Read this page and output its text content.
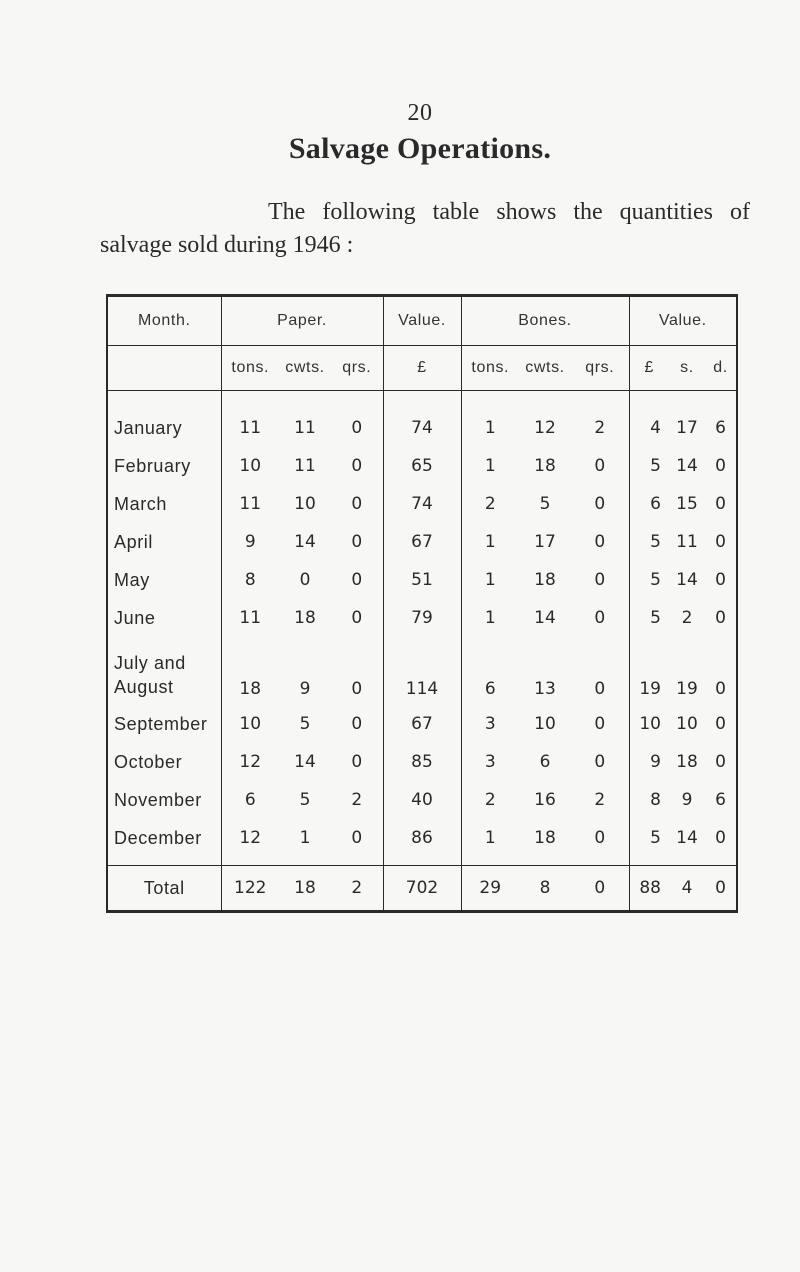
20
Salvage Operations.

The following table shows the quantities of salvage sold during 1946 :

Month.	Paper.			Value.	Bones.			Value.		
	tons.	cwts.	qrs.	£	tons.	cwts.	qrs.	£	s.	d.
January	11	11	0	74	1	12	2	4	17	6
February	10	11	0	65	1	18	0	5	14	0
March	11	10	0	74	2	5	0	6	15	0
April	9	14	0	67	1	17	0	5	11	0
May	8	0	0	51	1	18	0	5	14	0
June	11	18	0	79	1	14	0	5	2	0
July and
August	18	9	0	114	6	13	0	19	19	0
September	10	5	0	67	3	10	0	10	10	0
October	12	14	0	85	3	6	0	9	18	0
November	6	5	2	40	2	16	2	8	9	6
December	12	1	0	86	1	18	0	5	14	0
Total	122	18	2	702	29	8	0	88	4	0
